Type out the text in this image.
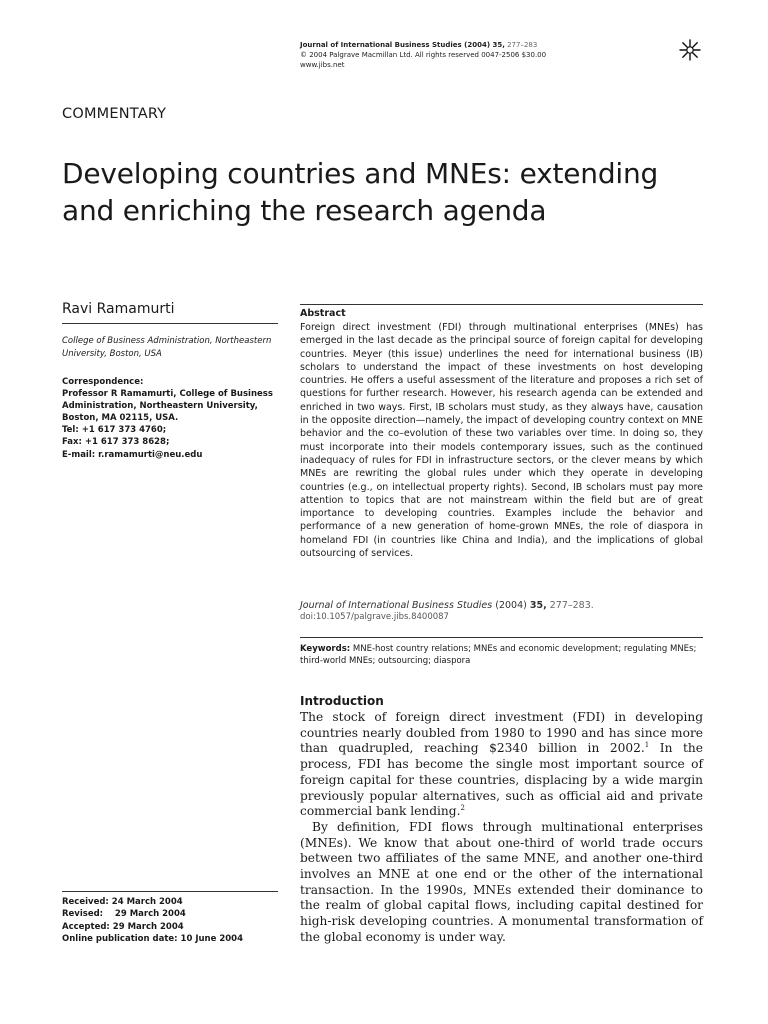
Journal of International Business Studies (2004) 35, 277–283
© 2004 Palgrave Macmillan Ltd. All rights reserved 0047-2506 $30.00
www.jibs.net
COMMENTARY
Developing countries and MNEs: extending and enriching the research agenda
Ravi Ramamurti
College of Business Administration, Northeastern University, Boston, USA
Correspondence:
Professor R Ramamurti, College of Business Administration, Northeastern University, Boston, MA 02115, USA.
Tel: +1 617 373 4760;
Fax: +1 617 373 8628;
E-mail: r.ramamurti@neu.edu
Received: 24 March 2004
Revised: 29 March 2004
Accepted: 29 March 2004
Online publication date: 10 June 2004
Abstract
Foreign direct investment (FDI) through multinational enterprises (MNEs) has emerged in the last decade as the principal source of foreign capital for developing countries. Meyer (this issue) underlines the need for international business (IB) scholars to understand the impact of these investments on host developing countries. He offers a useful assessment of the literature and proposes a rich set of questions for further research. However, his research agenda can be extended and enriched in two ways. First, IB scholars must study, as they always have, causation in the opposite direction—namely, the impact of developing country context on MNE behavior and the co–evolution of these two variables over time. In doing so, they must incorporate into their models contemporary issues, such as the continued inadequacy of rules for FDI in infrastructure sectors, or the clever means by which MNEs are rewriting the global rules under which they operate in developing countries (e.g., on intellectual property rights). Second, IB scholars must pay more attention to topics that are not mainstream within the field but are of great importance to developing countries. Examples include the behavior and performance of a new generation of home-grown MNEs, the role of diaspora in homeland FDI (in countries like China and India), and the implications of global outsourcing of services.
Journal of International Business Studies (2004) 35, 277–283.
doi:10.1057/palgrave.jibs.8400087
Keywords: MNE-host country relations; MNEs and economic development; regulating MNEs; third-world MNEs; outsourcing; diaspora
Introduction

The stock of foreign direct investment (FDI) in developing countries nearly doubled from 1980 to 1990 and has since more than quadrupled, reaching $2340 billion in 2002.$^1$ In the process, FDI has become the single most important source of foreign capital for these countries, displacing by a wide margin previously popular alternatives, such as official aid and private commercial bank lending.$^2$

By definition, FDI flows through multinational enterprises (MNEs). We know that about one-third of world trade occurs between two affiliates of the same MNE, and another one-third involves an MNE at one end or the other of the international transaction. In the 1990s, MNEs extended their dominance to the realm of global capital flows, including capital destined for high-risk developing countries. A monumental transformation of the global economy is under way.
